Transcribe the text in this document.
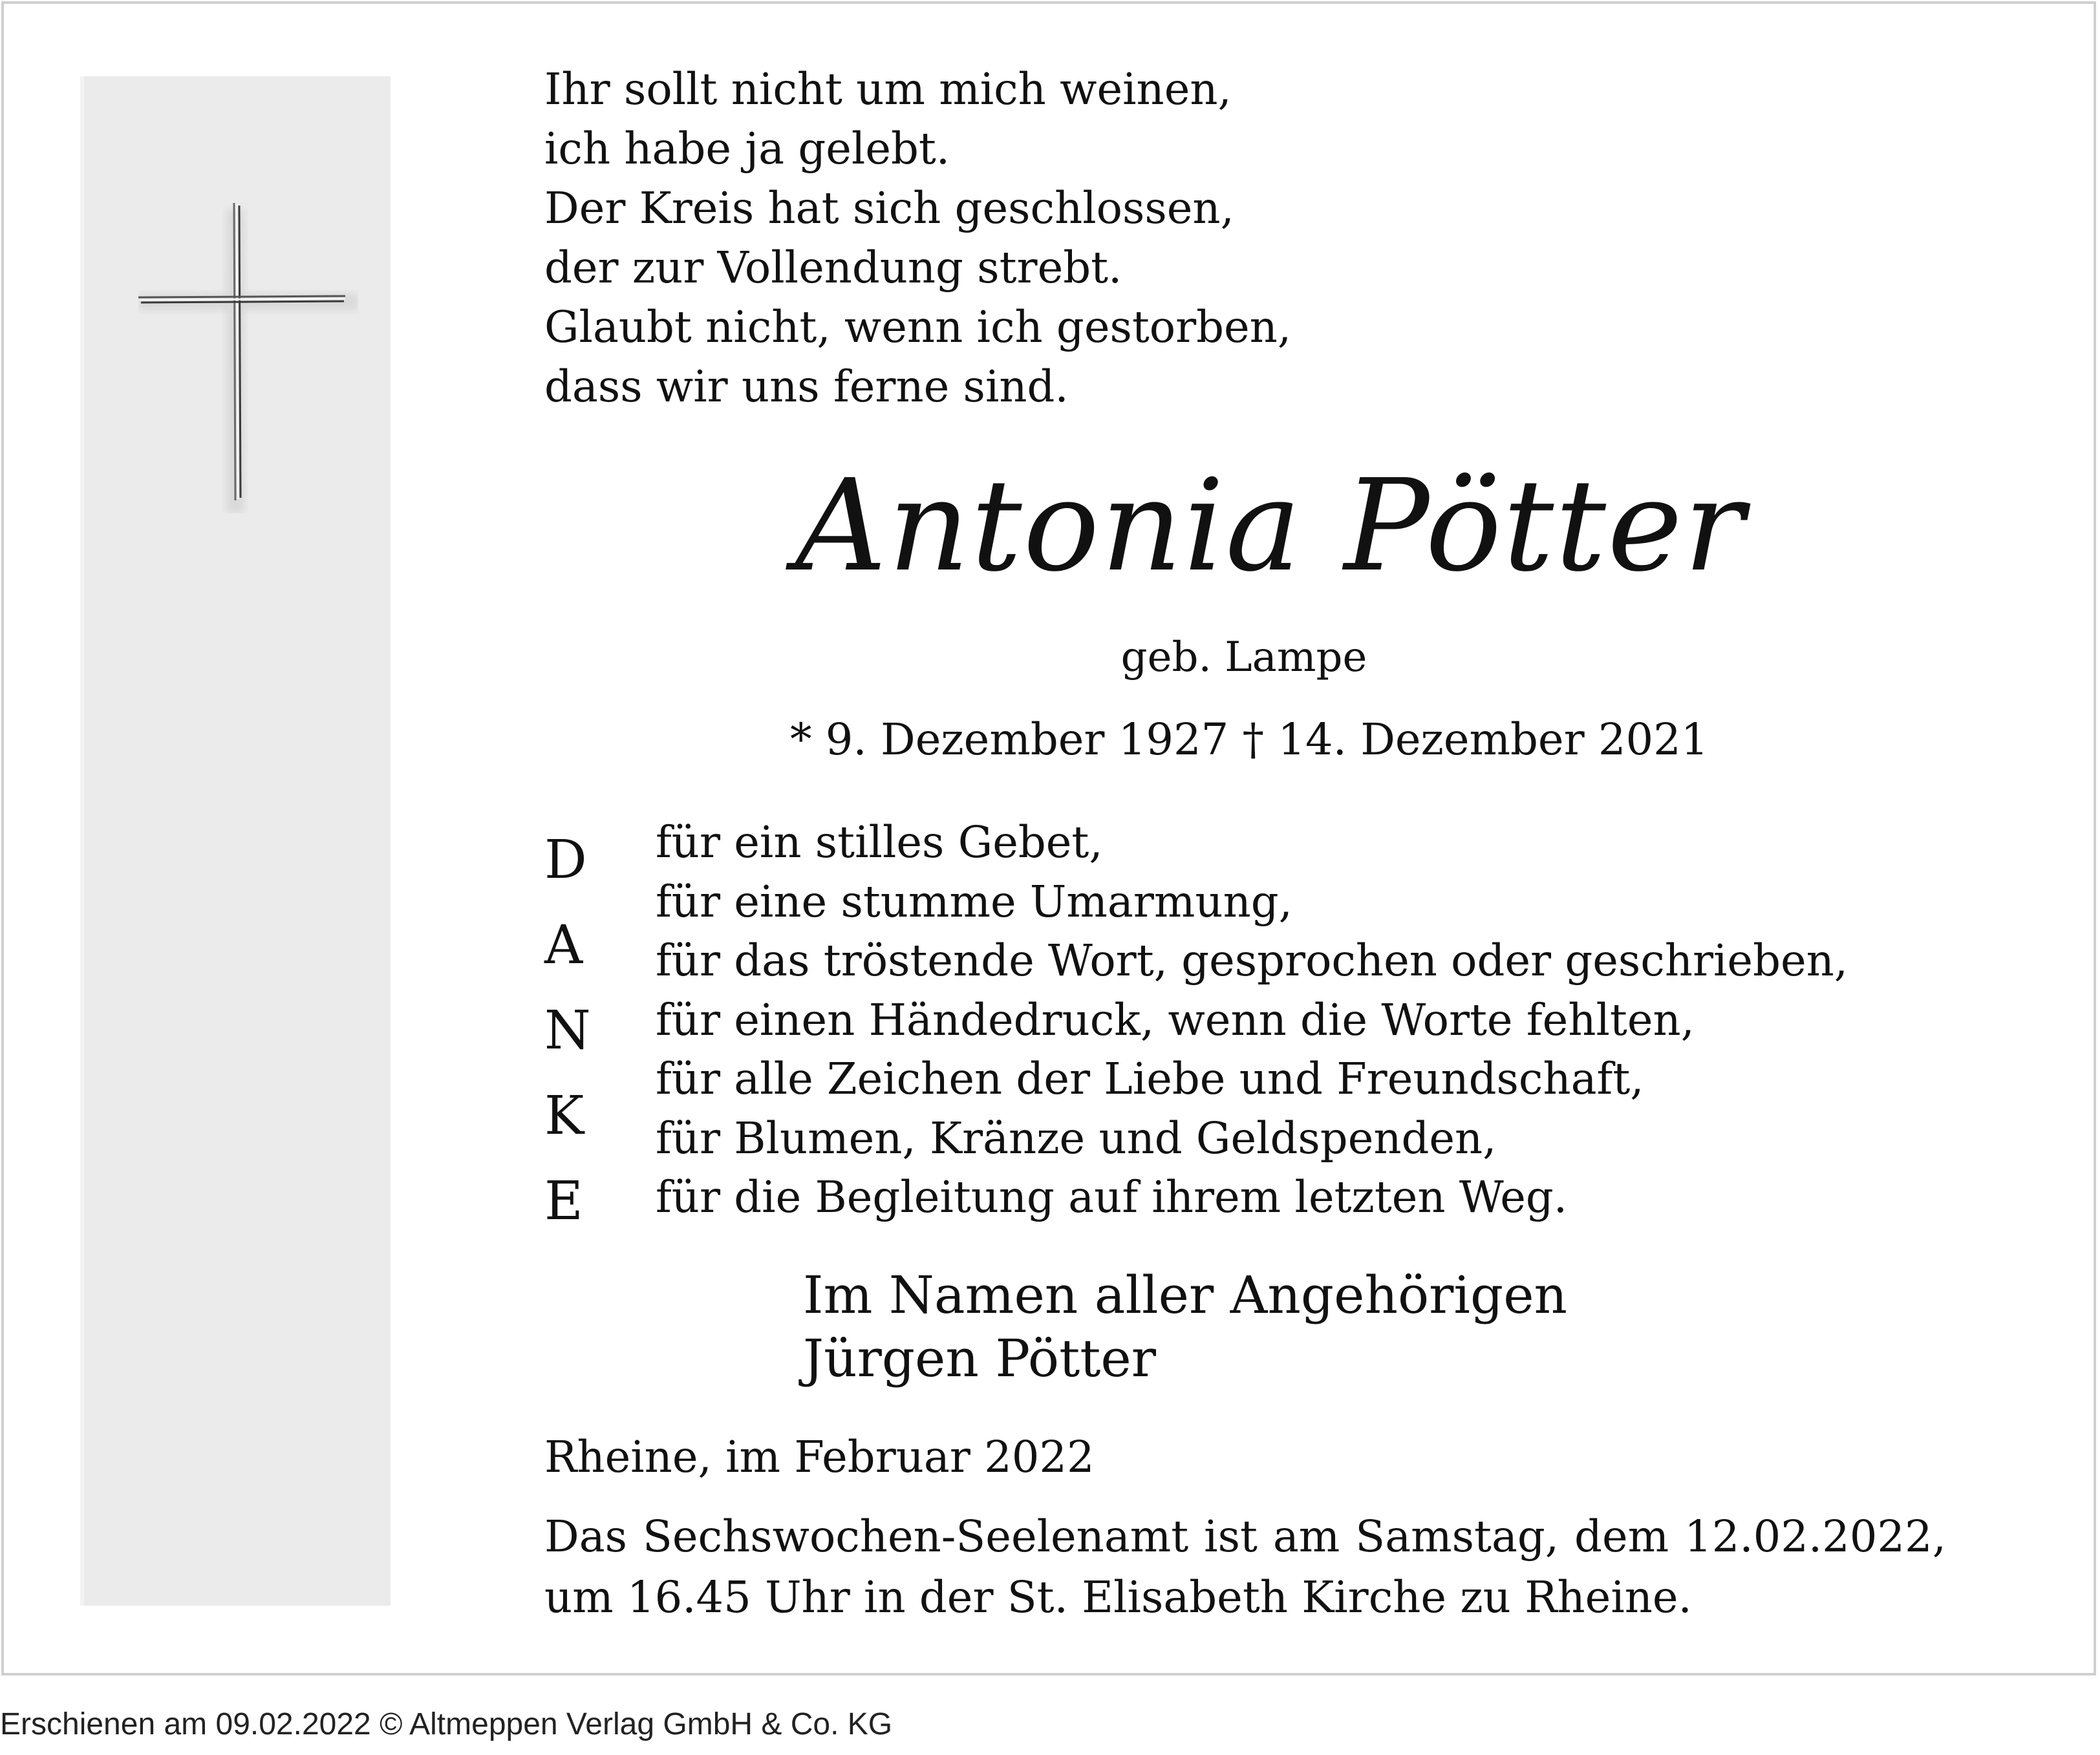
Ihr sollt nicht um mich weinen,
ich habe ja gelebt.
Der Kreis hat sich geschlossen,
der zur Vollendung strebt.
Glaubt nicht, wenn ich gestorben,
dass wir uns ferne sind.
Antonia Pötter
geb. Lampe
* 9. Dezember 1927 † 14. Dezember 2021
D
A
N
K
E
für ein stilles Gebet,
für eine stumme Umarmung,
für das tröstende Wort, gesprochen oder geschrieben,
für einen Händedruck, wenn die Worte fehlten,
für alle Zeichen der Liebe und Freundschaft,
für Blumen, Kränze und Geldspenden,
für die Begleitung auf ihrem letzten Weg.
Im Namen aller Angehörigen
Jürgen Pötter
Rheine, im Februar 2022
Das Sechswochen-Seelenamt ist am Samstag, dem 12.02.2022,
um 16.45 Uhr in der St. Elisabeth Kirche zu Rheine.
Erschienen am 09.02.2022 © Altmeppen Verlag GmbH & Co. KG
